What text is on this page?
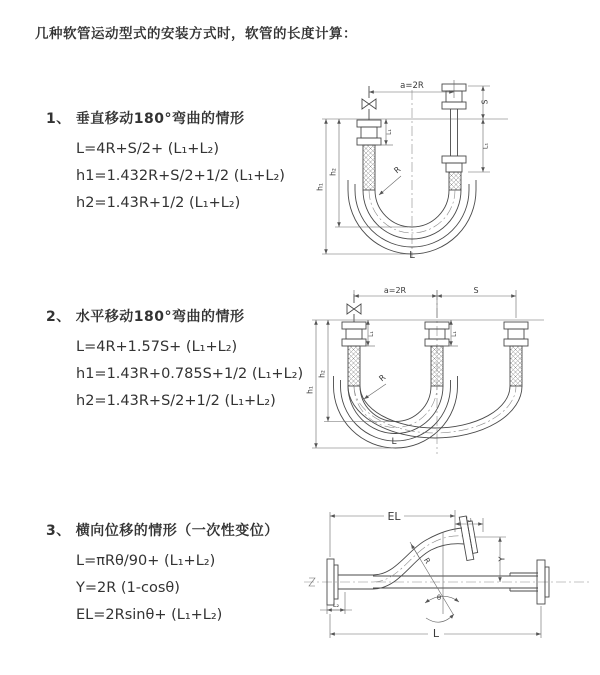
几种软管运动型式的安装方式时，软管的长度计算：
1、 垂直移动180°弯曲的情形
L=4R+S/2+ (L₁+L₂)
h1=1.432R+S/2+1/2 (L₁+L₂)
h2=1.43R+1/2 (L₁+L₂)
2、 水平移动180°弯曲的情形
L=4R+1.57S+ (L₁+L₂)
h1=1.43R+0.785S+1/2 (L₁+L₂)
h2=1.43R+S/2+1/2 (L₁+L₂)
3、 横向位移的情形（一次性变位）
L=πRθ/90+ (L₁+L₂)
Y=2R (1-cosθ)
EL=2Rsinθ+ (L₁+L₂)
a=2R
h₁
h₂
L₁
S
L₁
R
L
a=2R	S
h₁
h₂
L₁	L₁
R
L
R
θ
EL	L₁
L₂
Y
L
